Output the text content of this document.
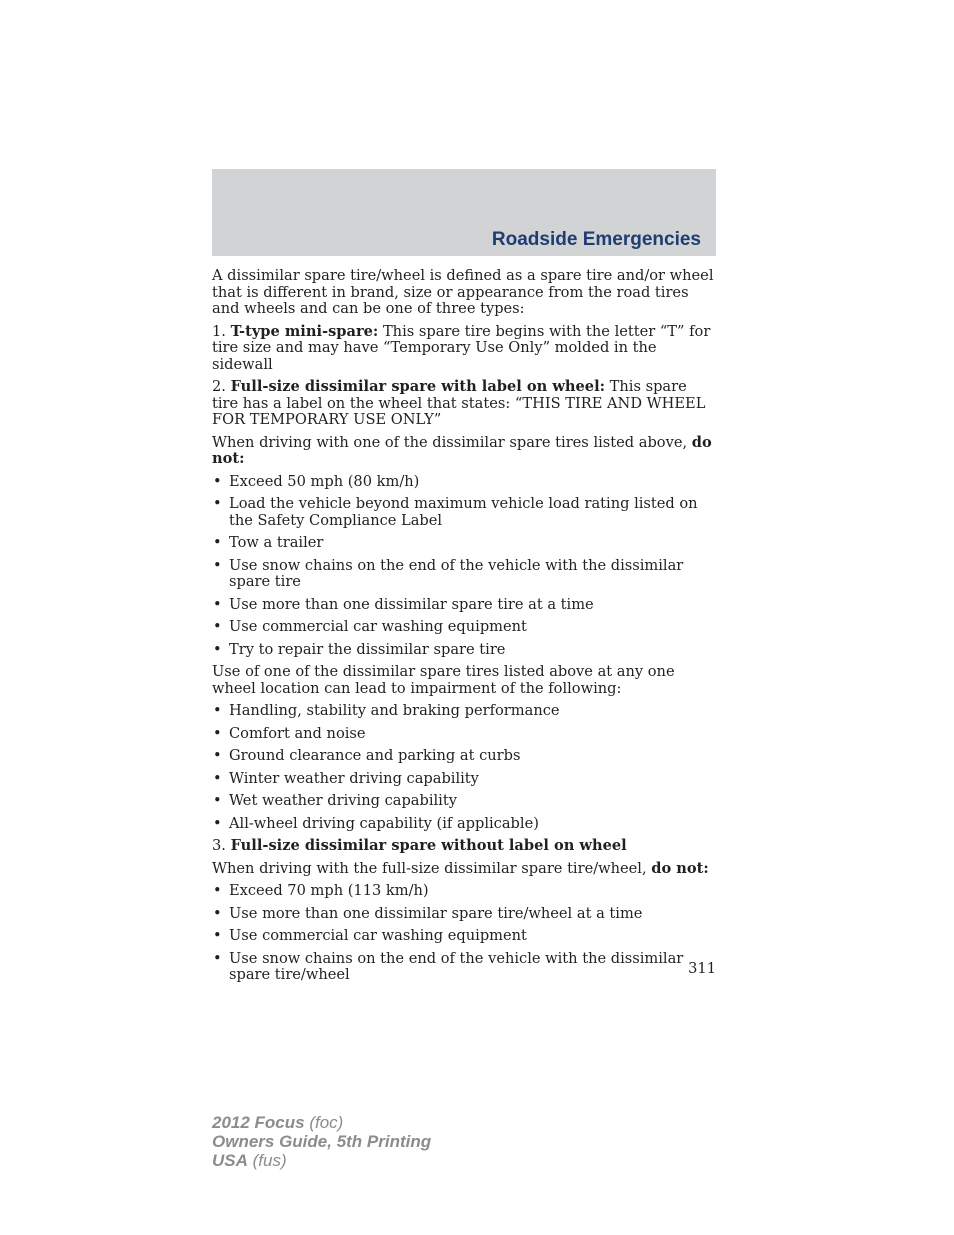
Roadside Emergencies

A dissimilar spare tire/wheel is defined as a spare tire and/or wheel that is different in brand, size or appearance from the road tires and wheels and can be one of three types:

1. T-type mini-spare: This spare tire begins with the letter “T” for tire size and may have “Temporary Use Only” molded in the sidewall

2. Full-size dissimilar spare with label on wheel: This spare tire has a label on the wheel that states: “THIS TIRE AND WHEEL FOR TEMPORARY USE ONLY”

When driving with one of the dissimilar spare tires listed above, do not:

• Exceed 50 mph (80 km/h)
• Load the vehicle beyond maximum vehicle load rating listed on the Safety Compliance Label
• Tow a trailer
• Use snow chains on the end of the vehicle with the dissimilar spare tire
• Use more than one dissimilar spare tire at a time
• Use commercial car washing equipment
• Try to repair the dissimilar spare tire

Use of one of the dissimilar spare tires listed above at any one wheel location can lead to impairment of the following:

• Handling, stability and braking performance
• Comfort and noise
• Ground clearance and parking at curbs
• Winter weather driving capability
• Wet weather driving capability
• All-wheel driving capability (if applicable)

3. Full-size dissimilar spare without label on wheel

When driving with the full-size dissimilar spare tire/wheel, do not:

• Exceed 70 mph (113 km/h)
• Use more than one dissimilar spare tire/wheel at a time
• Use commercial car washing equipment
• Use snow chains on the end of the vehicle with the dissimilar spare tire/wheel	311
2012 Focus (foc)
Owners Guide, 5th Printing
USA (fus)
